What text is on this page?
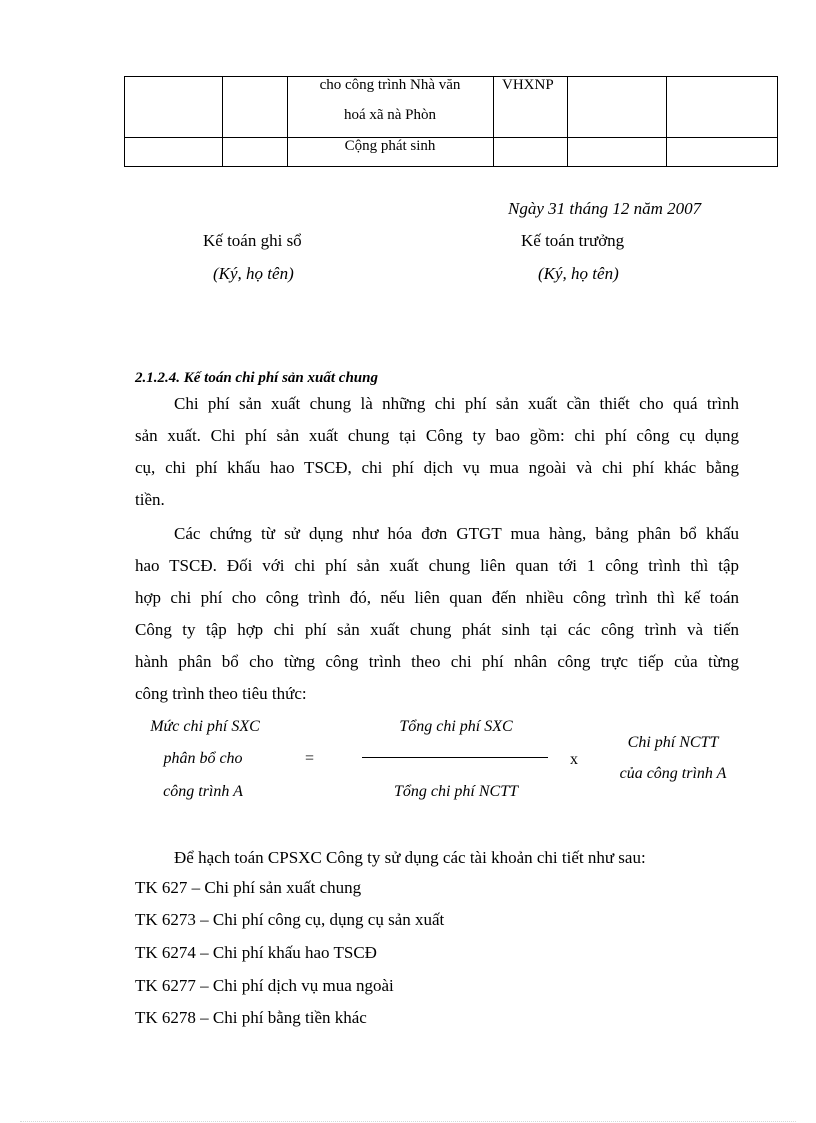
cho công trình Nhà văn
hoá xã nà Phòn
VHXNP
Cộng phát sinh
Ngày 31 tháng 12 năm 2007
Kế toán ghi sổ
(Ký, họ tên)
Kế toán trưởng
(Ký, họ tên)
2.1.2.4. Kế toán chi phí sản xuất chung
Chi phí sản xuất chung là những chi phí sản xuất cần thiết cho quá trình
sản xuất. Chi phí sản xuất chung tại Công ty bao gồm: chi phí công cụ dụng
cụ, chi phí khấu hao TSCĐ, chi phí dịch vụ mua ngoài và chi phí khác bằng
tiền.
Các chứng từ sử dụng như hóa đơn GTGT mua hàng, bảng phân bổ khấu
hao TSCĐ. Đối với chi phí sản xuất chung liên quan tới 1 công trình thì tập
hợp chi phí cho công trình đó, nếu liên quan đến nhiều công trình thì kế toán
Công ty tập hợp chi phí sản xuất chung phát sinh tại các công trình và tiến
hành phân bổ cho từng công trình theo chi phí nhân công trực tiếp của từng
công trình theo tiêu thức:
Mức chi phí SXC
phân bổ cho
công trình A
=
Tổng chi phí SXC
Tổng chi phí NCTT
x
Chi phí NCTT
của công trình A
Để hạch toán CPSXC Công ty sử dụng các tài khoản chi tiết như sau:
TK 627 – Chi phí sản xuất chung
TK 6273 – Chi phí công cụ, dụng cụ sản xuất
TK 6274 – Chi phí khấu hao TSCĐ
TK 6277 – Chi phí dịch vụ mua ngoài
TK 6278 – Chi phí bằng tiền khác
